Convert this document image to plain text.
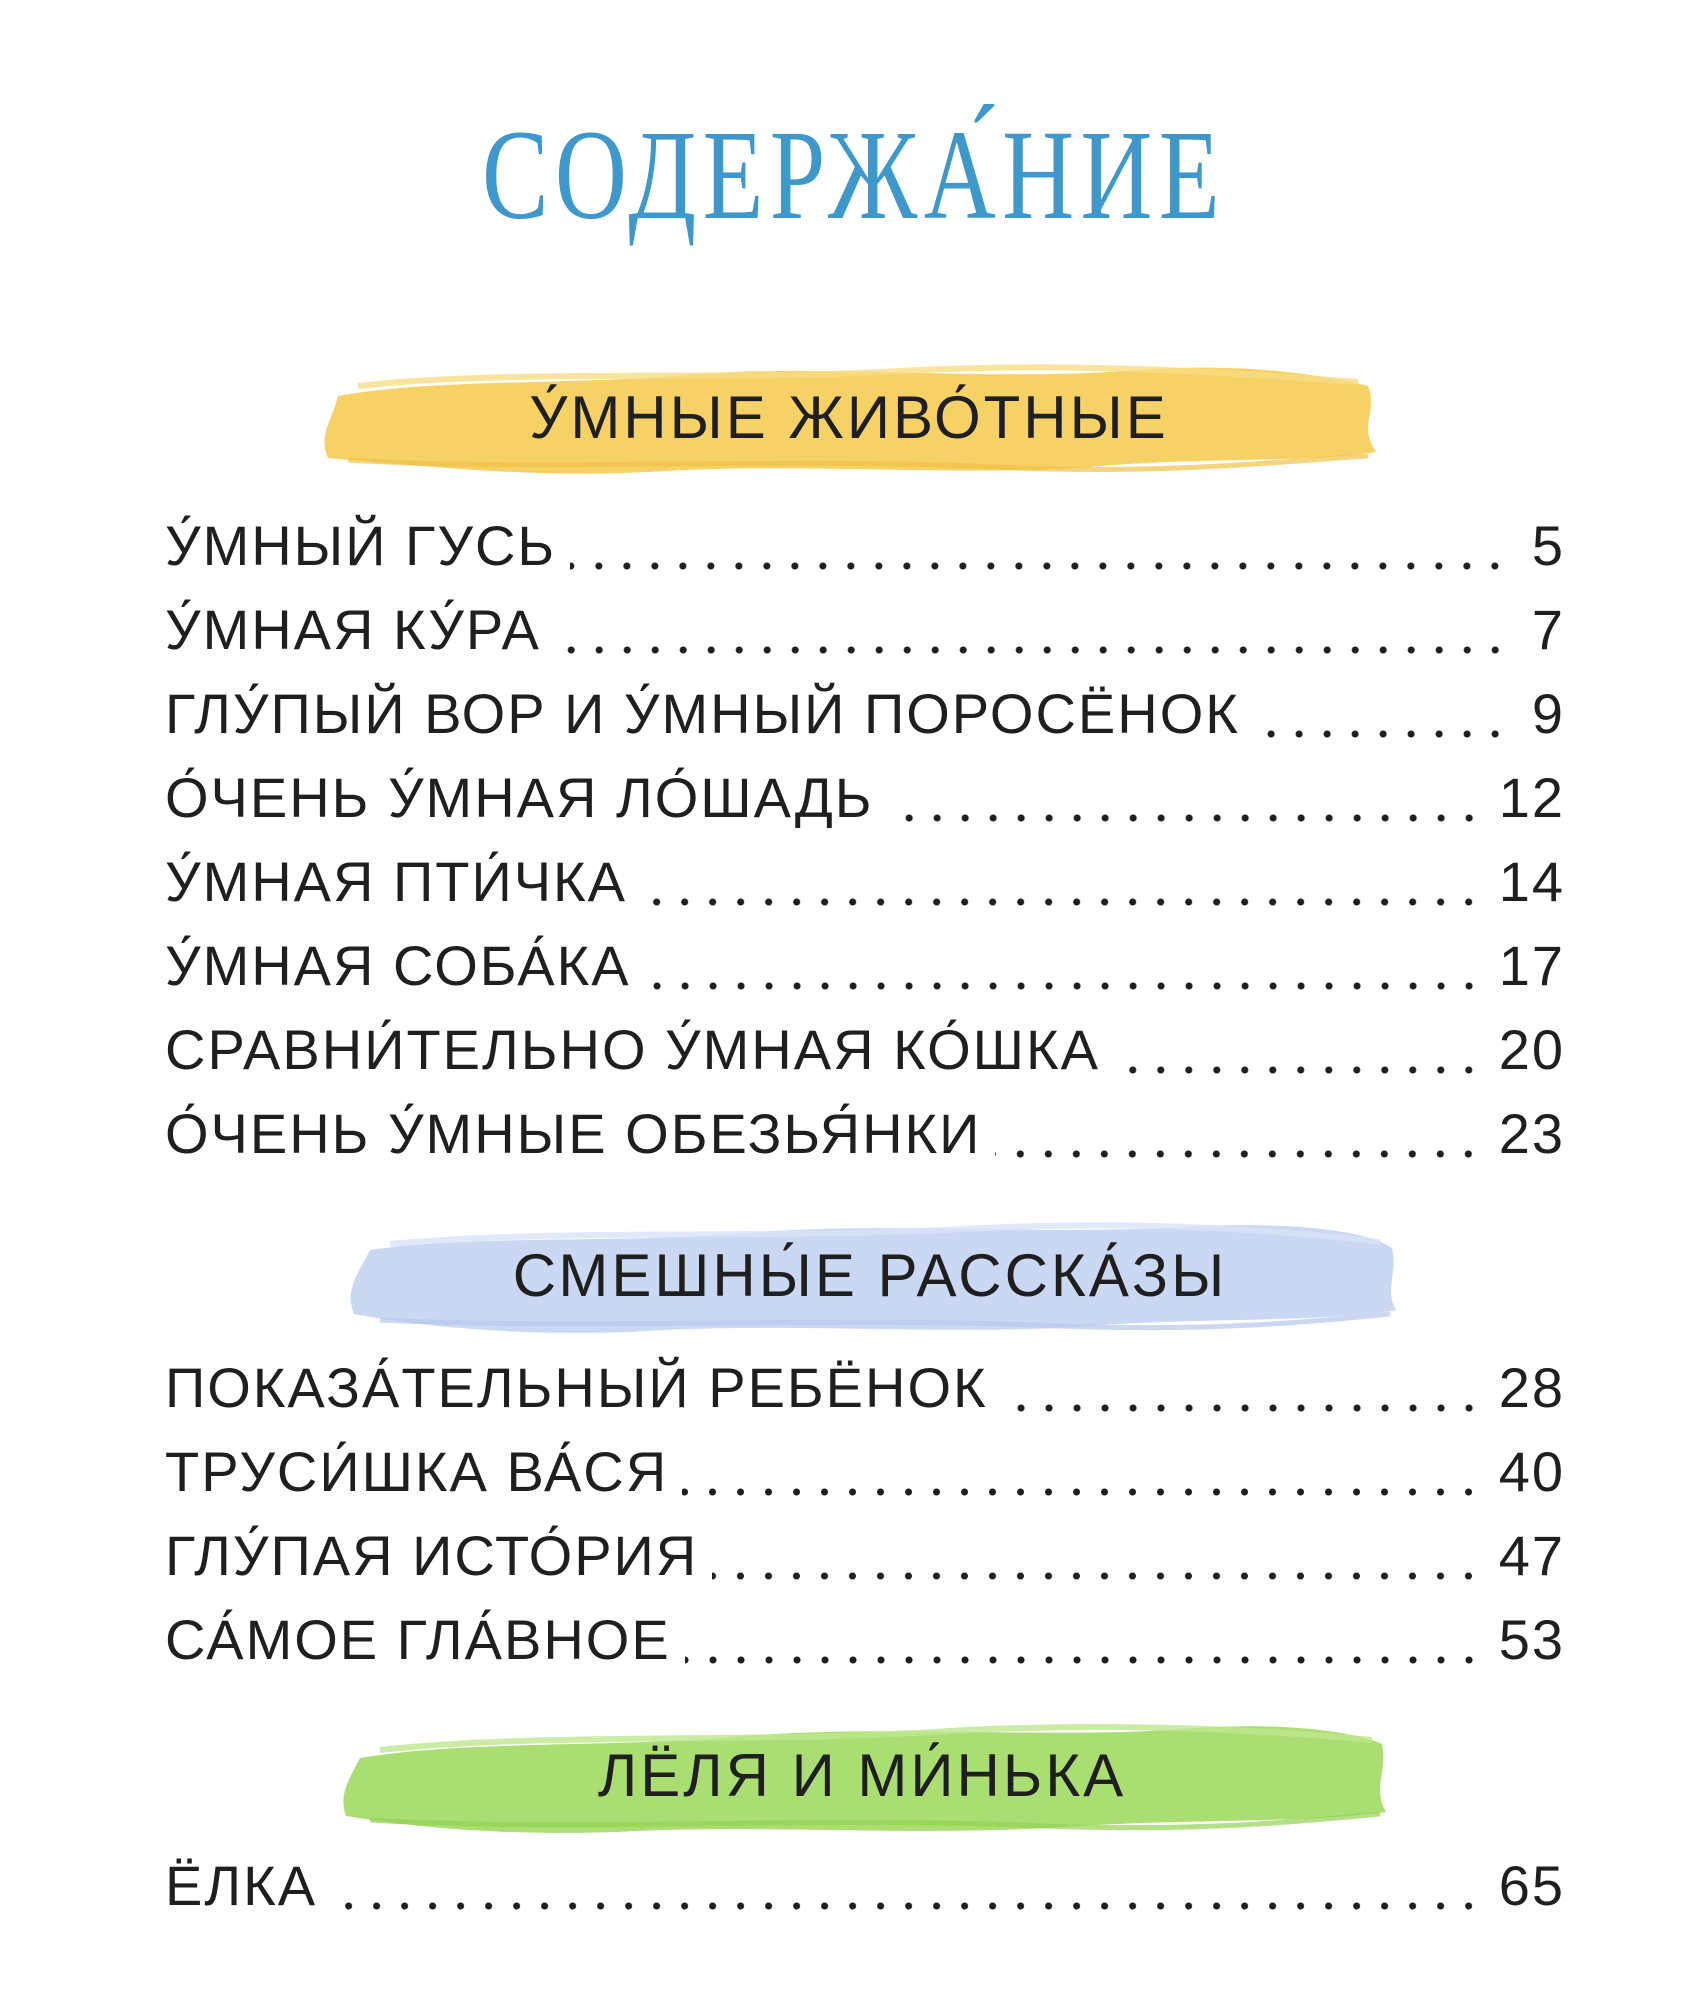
СОДЕРЖА́НИЕ
У́МНЫЕ ЖИВО́ТНЫЕ
У́МНЫЙ ГУСЬ	5
У́МНАЯ КУ́РА	7
ГЛУ́ПЫЙ ВОР И У́МНЫЙ ПОРОСЁНОК	9
О́ЧЕНЬ У́МНАЯ ЛО́ШАДЬ	12
У́МНАЯ ПТИ́ЧКА	14
У́МНАЯ СОБА́КА	17
СРАВНИ́ТЕЛЬНО У́МНАЯ КО́ШКА	20
О́ЧЕНЬ У́МНЫЕ ОБЕЗЬЯ́НКИ	23
СМЕШНЫ́Е РАССКА́ЗЫ
ПОКАЗА́ТЕЛЬНЫЙ РЕБЁНОК	28
ТРУСИ́ШКА ВА́СЯ	40
ГЛУ́ПАЯ ИСТО́РИЯ	47
СА́МОЕ ГЛА́ВНОЕ	53
ЛЁЛЯ И МИ́НЬКА
ЁЛКА	65
